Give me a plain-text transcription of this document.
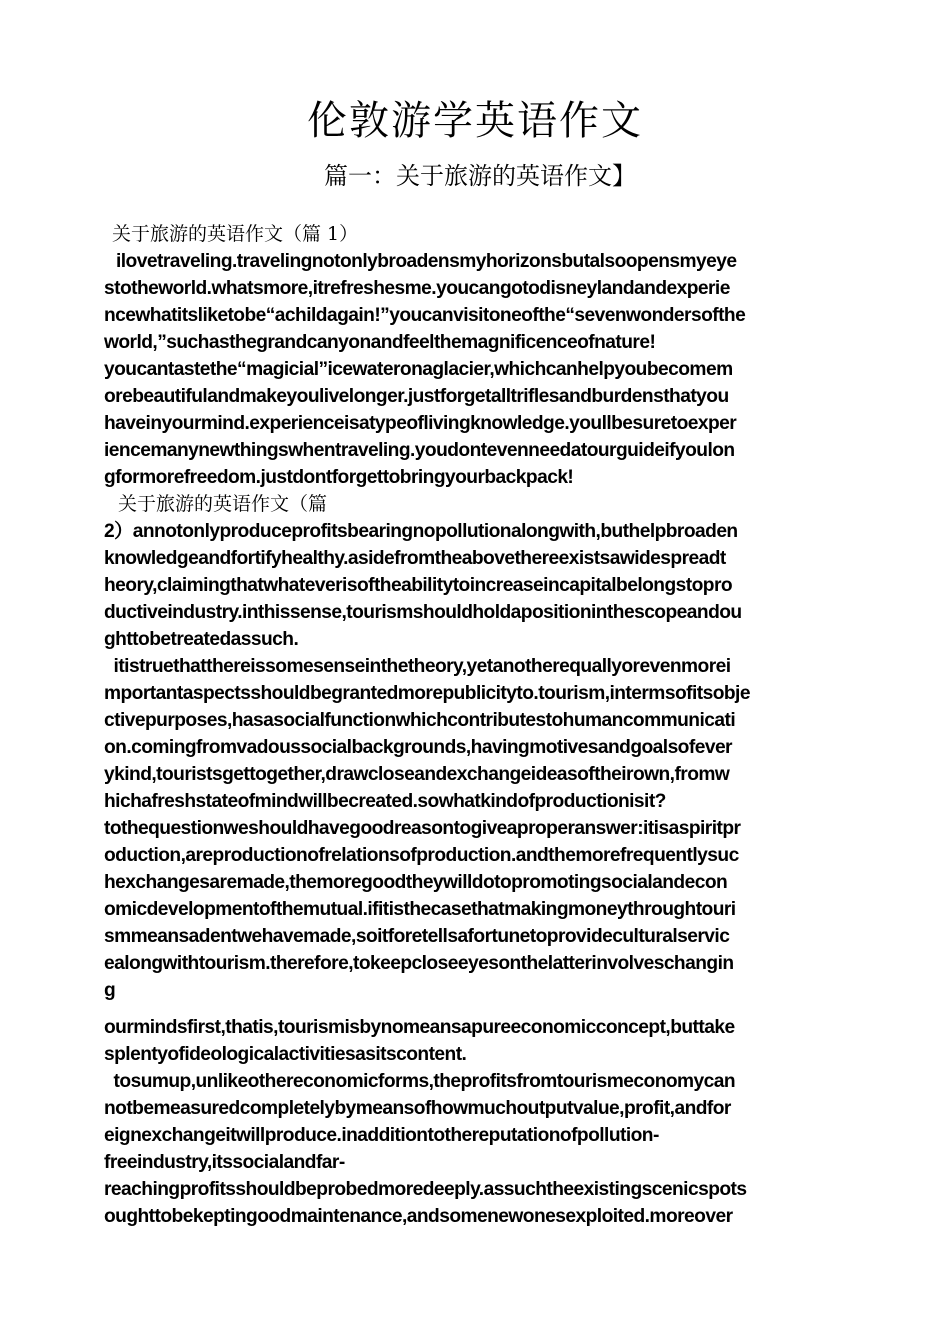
伦敦游学英语作文
篇一：关于旅游的英语作文】
关于旅游的英语作文（篇 1）
ilovetraveling.travelingnotonlybroadensmyhorizonsbutalsoopensmyeye
stotheworld.whatsmore,itrefreshesme.youcangotodisneylandandexperie
ncewhatitsliketobe“achildagain!”youcanvisitoneofthe“sevenwondersofthe
world,”suchasthegrandcanyonandfeelthemagnificenceofnature!
youcantastethe“magicial”icewateronaglacier,whichcanhelpyoubecomem
orebeautifulandmakeyoulivelonger.justforgetalltriflesandburdensthatyou
haveinyourmind.experienceisatypeoflivingknowledge.youllbesuretoexper
iencemanynewthingswhentraveling.youdontevenneedatourguideifyoulon
gformorefreedom.justdontforgettobringyourbackpack!
关于旅游的英语作文（篇
2）annotonlyproduceprofitsbearingnopollutionalongwith,buthelpbroaden
knowledgeandfortifyhealthy.asidefromtheabovethereexistsawidespreadt
heory,claimingthatwhateverisoftheabilitytoincreaseincapitalbelongstopro
ductiveindustry.inthissense,tourismshouldholdapositioninthescopeandou
ghttobetreatedassuch.
itistruethatthereissomesenseinthetheory,yetanotherequallyorevenmorei
mportantaspectsshouldbegrantedmorepublicityto.tourism,intermsofitsobje
ctivepurposes,hasasocialfunctionwhichcontributestohumancommunicati
on.comingfromvadoussocialbackgrounds,havingmotivesandgoalsofever
ykind,touristsgettogether,drawcloseandexchangeideasoftheirown,fromw
hichafreshstateofmindwillbecreated.sowhatkindofproductionisit?
tothequestionweshouldhavegoodreasontogiveaproperanswer:itisaspiritpr
oduction,areproductionofrelationsofproduction.andthemorefrequentlysuc
hexchangesaremade,themoregoodtheywilldotopromotingsocialandecon
omicdevelopmentofthemutual.ifitisthecasethatmakingmoneythroughtouri
smmeansadentwehavemade,soitforetellsafortunetoprovideculturalservic
ealongwithtourism.therefore,tokeepcloseeyesonthelatterinvolveschangin
g
ourmindsfirst,thatis,tourismisbynomeansapureeconomicconcept,buttake
splentyofideologicalactivitiesasitscontent.
tosumup,unlikeothereconomicforms,theprofitsfromtourismeconomycan
notbemeasuredcompletelybymeansofhowmuchoutputvalue,profit,andfor
eignexchangeitwillproduce.inadditiontothereputationofpollution-
freeindustry,itssocialandfar-
reachingprofitsshouldbeprobedmoredeeply.assuchtheexistingscenicspots
oughttobekeptingoodmaintenance,andsomenewonesexploited.moreover
